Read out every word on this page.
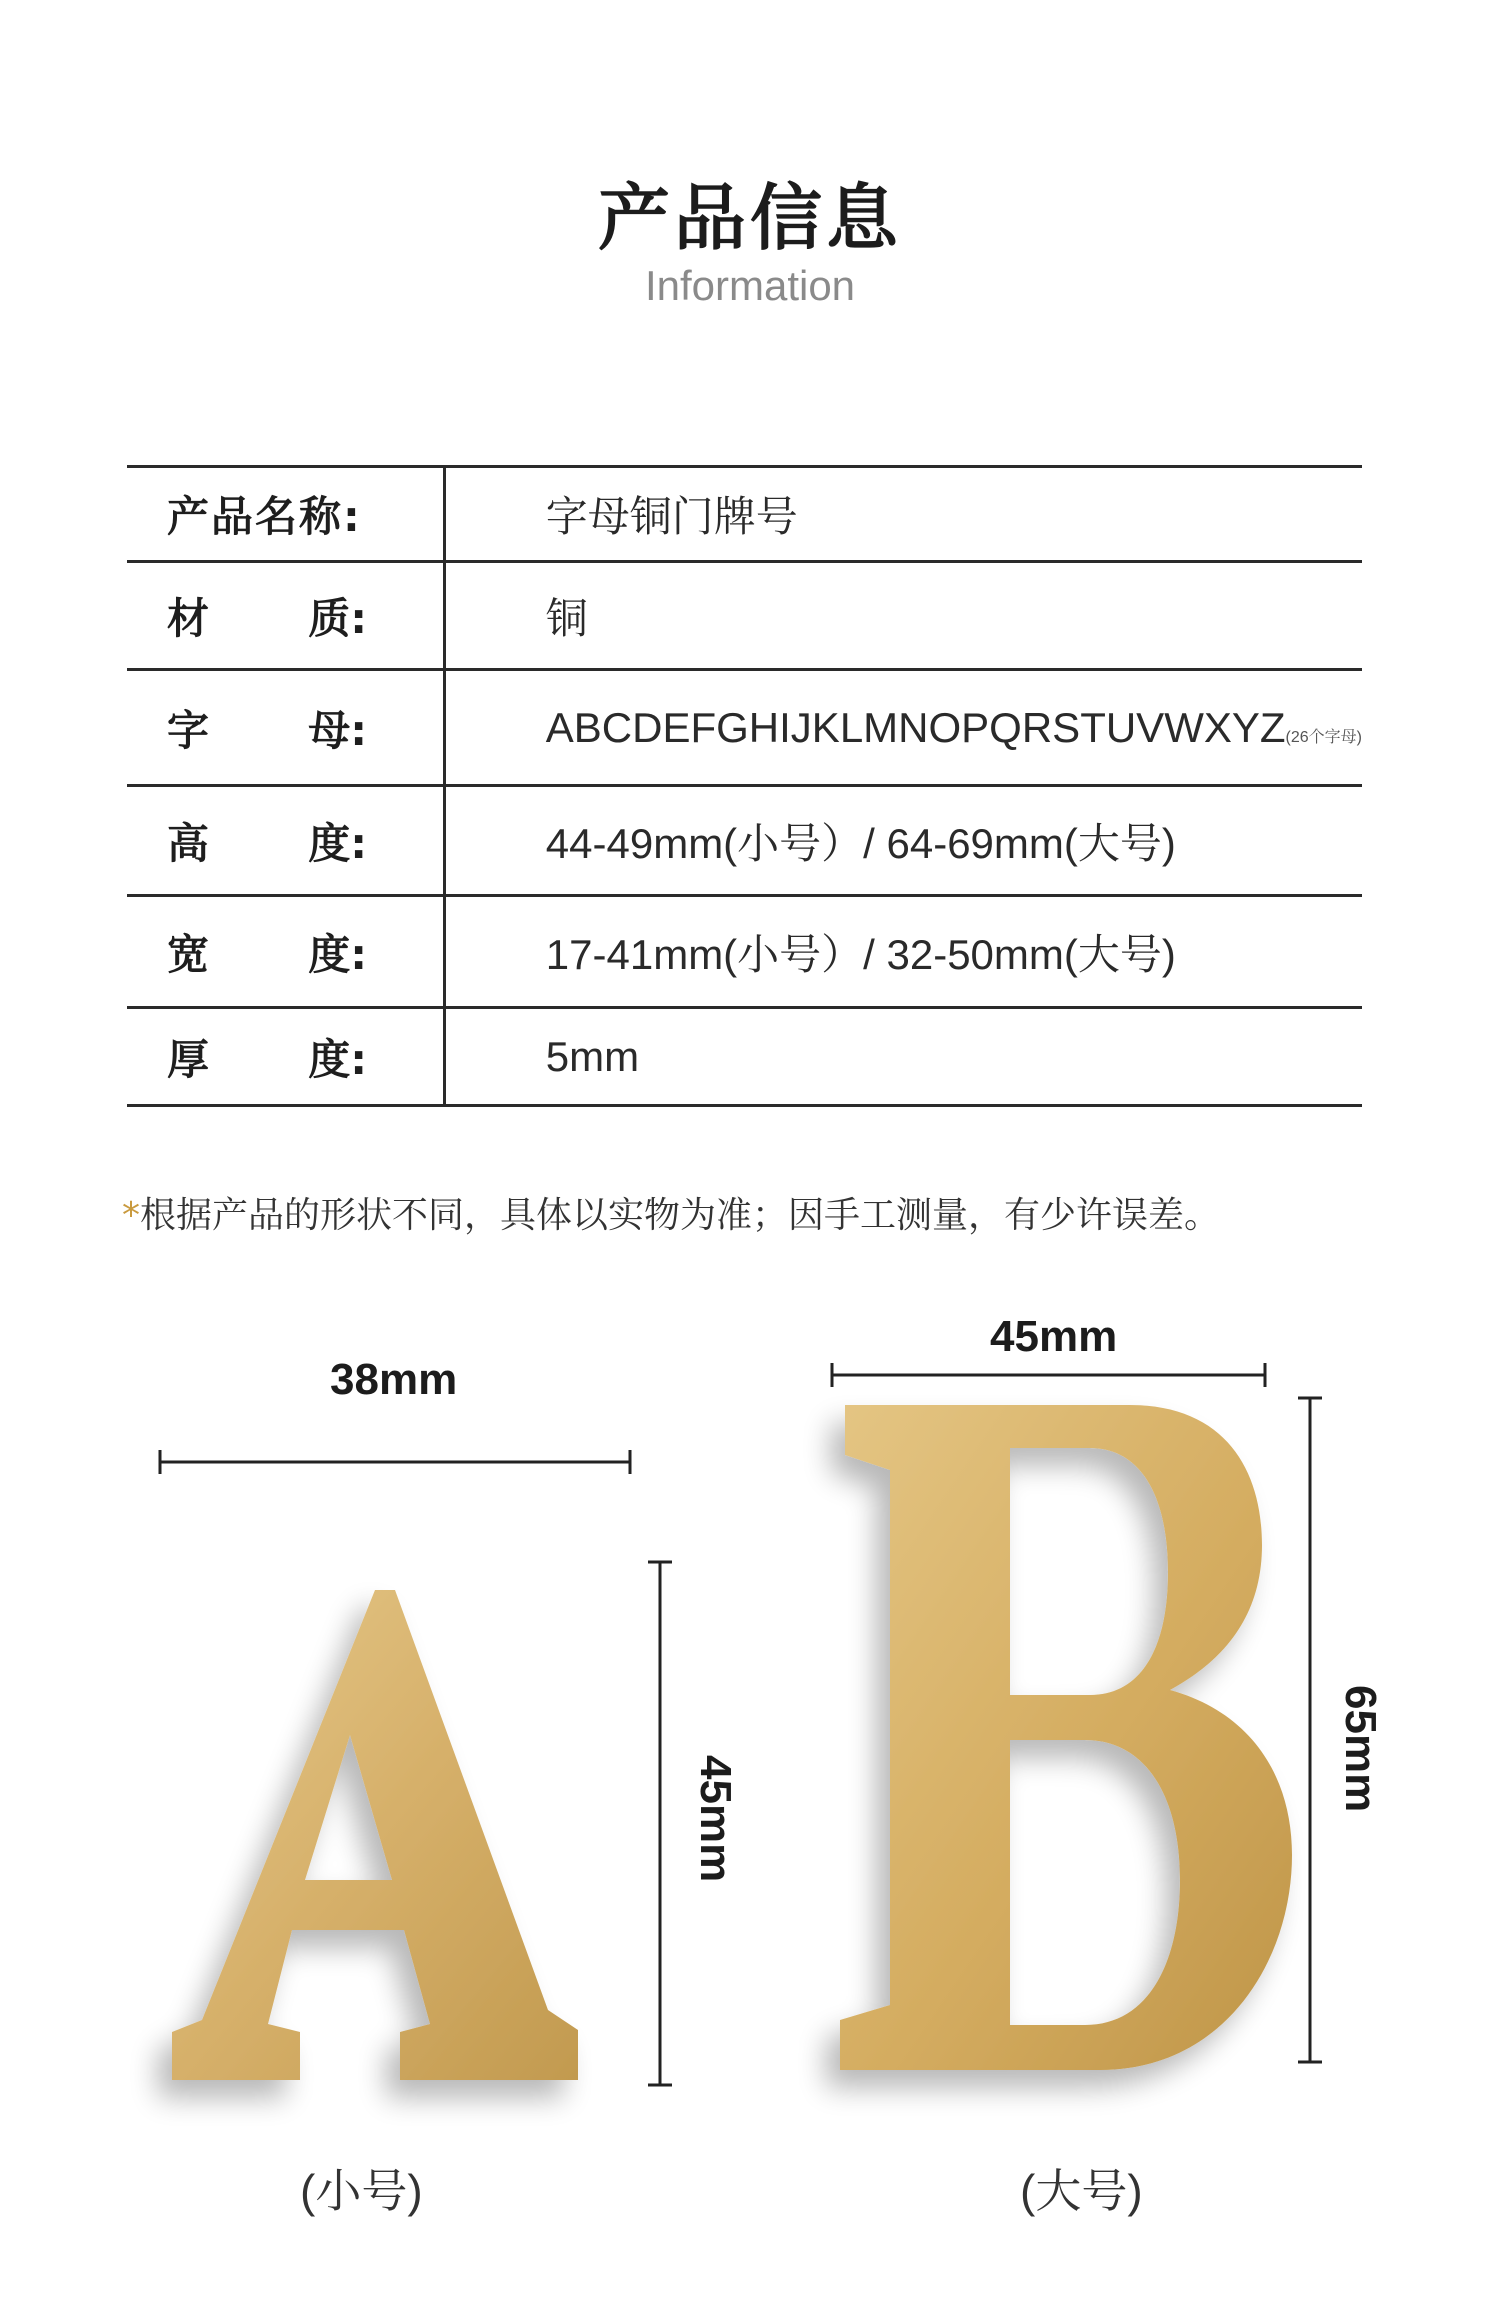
产品信息
Information
产品名称:	字母铜门牌号

材 质:	铜

字 母:	ABCDEFGHIJKLMNOPQRSTUVWXYZ(26个字母)

高 度:	44-49mm(小号）/ 64-69mm(大号)

宽 度:	17-41mm(小号）/ 32-50mm(大号)

厚 度:	5mm
*根据产品的形状不同，具体以实物为准；因手工测量，有少许误差。
38mm
45mm
45mm
65mm
(小号)	(大号)
